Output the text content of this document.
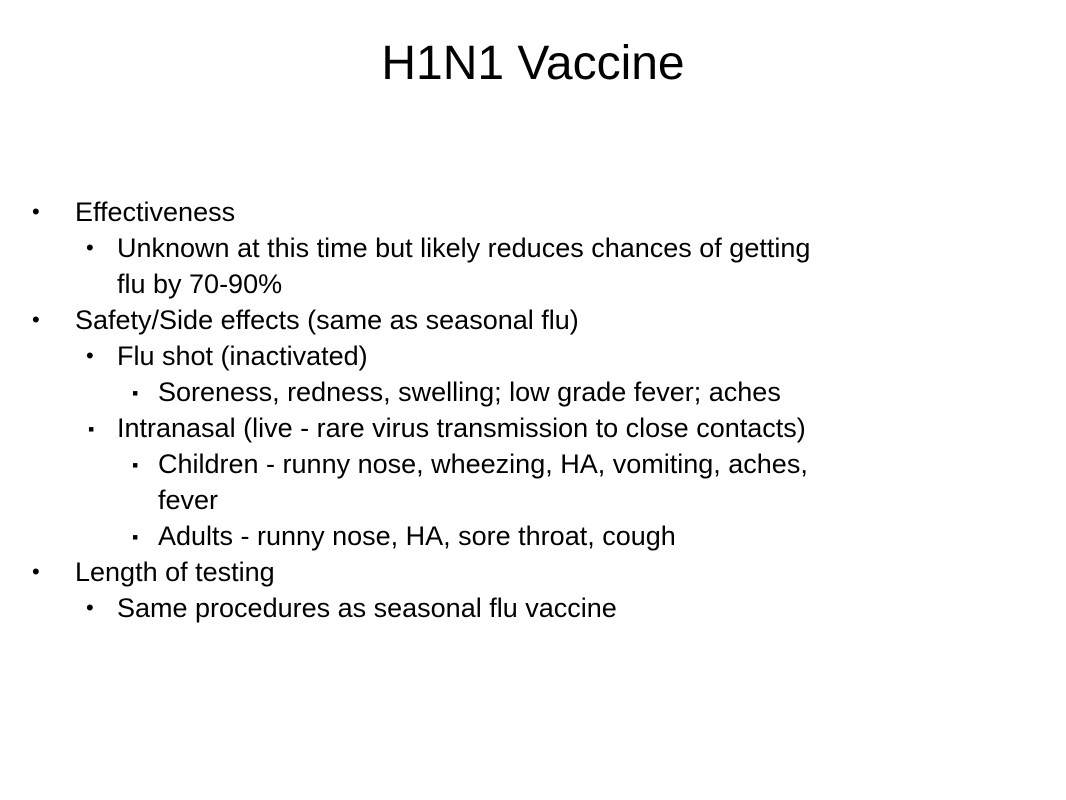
H1N1 Vaccine
• Effectiveness
• Unknown at this time but likely reduces chances of getting
flu by 70-90%
• Safety/Side effects (same as seasonal flu)
• Flu shot (inactivated)
▪ Soreness, redness, swelling; low grade fever; aches
▪ Intranasal (live - rare virus transmission to close contacts)
▪ Children - runny nose, wheezing, HA, vomiting, aches,
fever
▪ Adults - runny nose, HA, sore throat, cough
• Length of testing
• Same procedures as seasonal flu vaccine
